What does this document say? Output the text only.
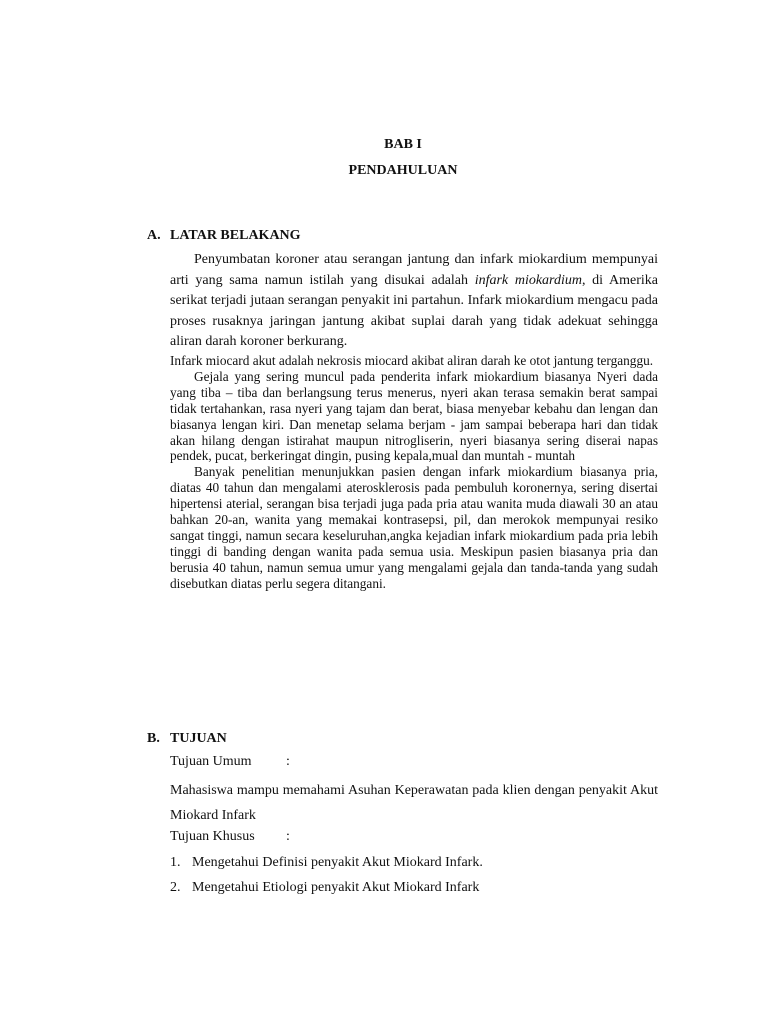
BAB I
PENDAHULUAN
A. LATAR BELAKANG

Penyumbatan koroner atau serangan jantung dan infark miokardium mempunyai arti yang sama namun istilah yang disukai adalah infark miokardium, di Amerika serikat terjadi jutaan serangan penyakit ini partahun. Infark miokardium mengacu pada proses rusaknya jaringan jantung akibat suplai darah yang tidak adekuat sehingga aliran darah koroner berkurang.

Infark miocard akut adalah nekrosis miocard akibat aliran darah ke otot jantung terganggu.

Gejala yang sering muncul pada penderita infark miokardium biasanya Nyeri dada yang tiba – tiba dan berlangsung terus menerus, nyeri akan terasa semakin berat sampai tidak tertahankan, rasa nyeri yang tajam dan berat, biasa menyebar kebahu dan lengan dan biasanya lengan kiri. Dan menetap selama berjam - jam sampai beberapa hari dan tidak akan hilang dengan istirahat maupun nitrogliserin, nyeri biasanya sering diserai napas pendek, pucat, berkeringat dingin, pusing kepala,mual dan muntah - muntah

Banyak penelitian menunjukkan pasien dengan infark miokardium biasanya pria, diatas 40 tahun dan mengalami aterosklerosis pada pembuluh koronernya, sering disertai hipertensi aterial, serangan bisa terjadi juga pada pria atau wanita muda diawali 30 an atau bahkan 20-an, wanita yang memakai kontrasepsi, pil, dan merokok mempunyai resiko sangat tinggi, namun secara keseluruhan,angka kejadian infark miokardium pada pria lebih tinggi di banding dengan wanita pada semua usia. Meskipun pasien biasanya pria dan berusia 40 tahun, namun semua umur yang mengalami gejala dan tanda-tanda yang sudah disebutkan diatas perlu segera ditangani.

B. TUJUAN
Tujuan Umum :
Mahasiswa mampu memahami Asuhan Keperawatan pada klien dengan penyakit Akut Miokard Infark
Tujuan Khusus :
1. Mengetahui Definisi penyakit Akut Miokard Infark.
2. Mengetahui Etiologi penyakit Akut Miokard Infark
